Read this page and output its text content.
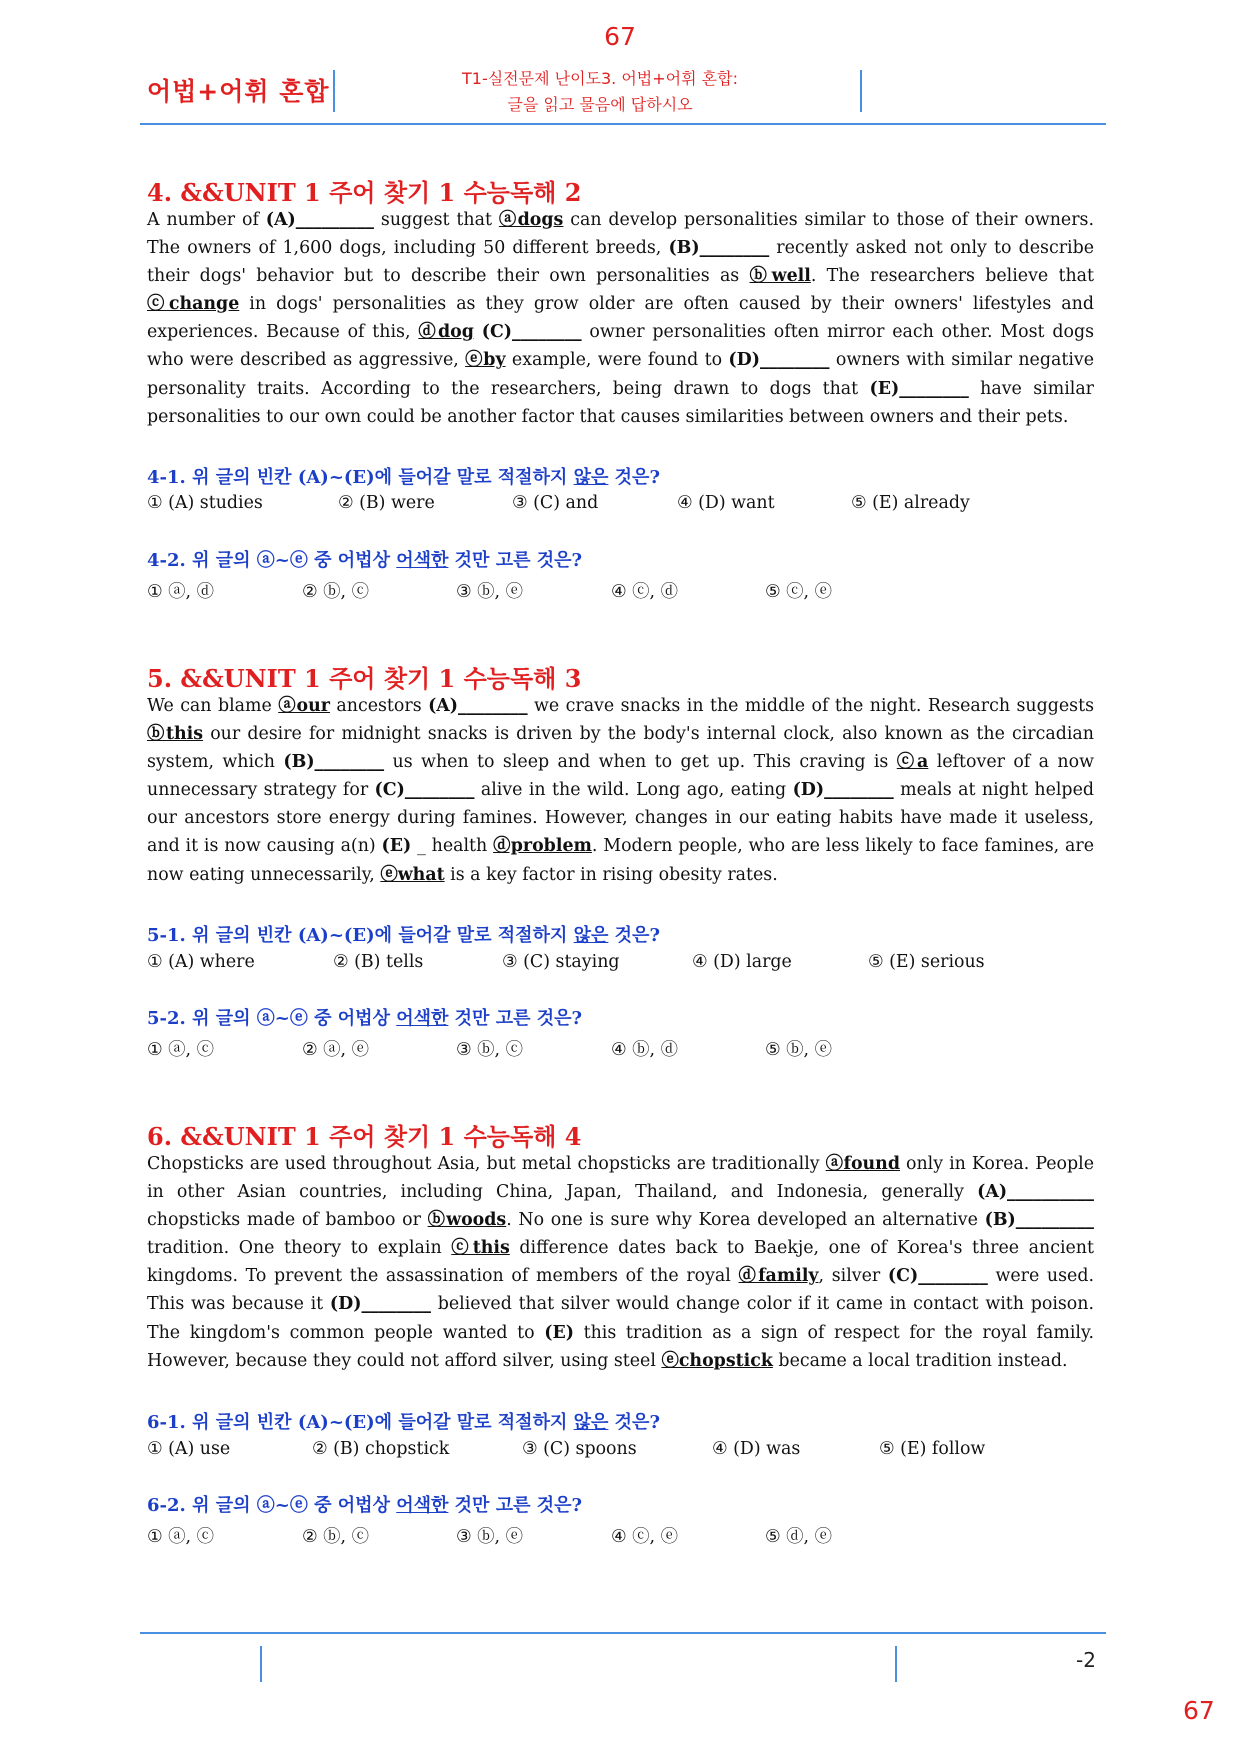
67
어법+어휘 혼합	T1-실전문제 난이도3. 어법+어휘 혼합:
글을 읽고 물음에 답하시오
4. &&UNIT 1 주어 찾기 1 수능독해 2
A number of (A)_________ suggest that ⓐdogs can develop personalities similar to those of their owners. The owners of 1,600 dogs, including 50 different breeds, (B)________ recently asked not only to describe their dogs' behavior but to describe their own personalities as ⓑwell. The researchers believe that ⓒchange in dogs' personalities as they grow older are often caused by their owners' lifestyles and experiences. Because of this, ⓓdog (C)________ owner personalities often mirror each other. Most dogs who were described as aggressive, ⓔby example, were found to (D)________ owners with similar negative personality traits. According to the researchers, being drawn to dogs that (E)________ have similar personalities to our own could be another factor that causes similarities between owners and their pets.
4-1. 위 글의 빈칸 (A)~(E)에 들어갈 말로 적절하지 않은 것은?
① (A) studies	② (B) were	③ (C) and	④ (D) want	⑤ (E) already
4-2. 위 글의 ⓐ~ⓔ 중 어법상 어색한 것만 고른 것은?
① ⓐ, ⓓ	② ⓑ, ⓒ	③ ⓑ, ⓔ	④ ⓒ, ⓓ	⑤ ⓒ, ⓔ
5. &&UNIT 1 주어 찾기 1 수능독해 3
We can blame ⓐour ancestors (A)________ we crave snacks in the middle of the night. Research suggests ⓑthis our desire for midnight snacks is driven by the body's internal clock, also known as the circadian system, which (B)________ us when to sleep and when to get up. This craving is ⓒa leftover of a now unnecessary strategy for (C)________ alive in the wild. Long ago, eating (D)________ meals at night helped our ancestors store energy during famines. However, changes in our eating habits have made it useless, and it is now causing a(n) (E) _ health ⓓproblem. Modern people, who are less likely to face famines, are now eating unnecessarily, ⓔwhat is a key factor in rising obesity rates.
5-1. 위 글의 빈칸 (A)~(E)에 들어갈 말로 적절하지 않은 것은?
① (A) where	② (B) tells	③ (C) staying	④ (D) large	⑤ (E) serious
5-2. 위 글의 ⓐ~ⓔ 중 어법상 어색한 것만 고른 것은?
① ⓐ, ⓒ	② ⓐ, ⓔ	③ ⓑ, ⓒ	④ ⓑ, ⓓ	⑤ ⓑ, ⓔ
6. &&UNIT 1 주어 찾기 1 수능독해 4
Chopsticks are used throughout Asia, but metal chopsticks are traditionally ⓐfound only in Korea. People in other Asian countries, including China, Japan, Thailand, and Indonesia, generally (A)__________ chopsticks made of bamboo or ⓑwoods. No one is sure why Korea developed an alternative (B)_________ tradition. One theory to explain ⓒthis difference dates back to Baekje, one of Korea's three ancient kingdoms. To prevent the assassination of members of the royal ⓓfamily, silver (C)________ were used. This was because it (D)________ believed that silver would change color if it came in contact with poison. The kingdom's common people wanted to (E) this tradition as a sign of respect for the royal family. However, because they could not afford silver, using steel ⓔchopstick became a local tradition instead.
6-1. 위 글의 빈칸 (A)~(E)에 들어갈 말로 적절하지 않은 것은?
① (A) use	② (B) chopstick	③ (C) spoons	④ (D) was	⑤ (E) follow
6-2. 위 글의 ⓐ~ⓔ 중 어법상 어색한 것만 고른 것은?
① ⓐ, ⓒ	② ⓑ, ⓒ	③ ⓑ, ⓔ	④ ⓒ, ⓔ	⑤ ⓓ, ⓔ
-2
67
